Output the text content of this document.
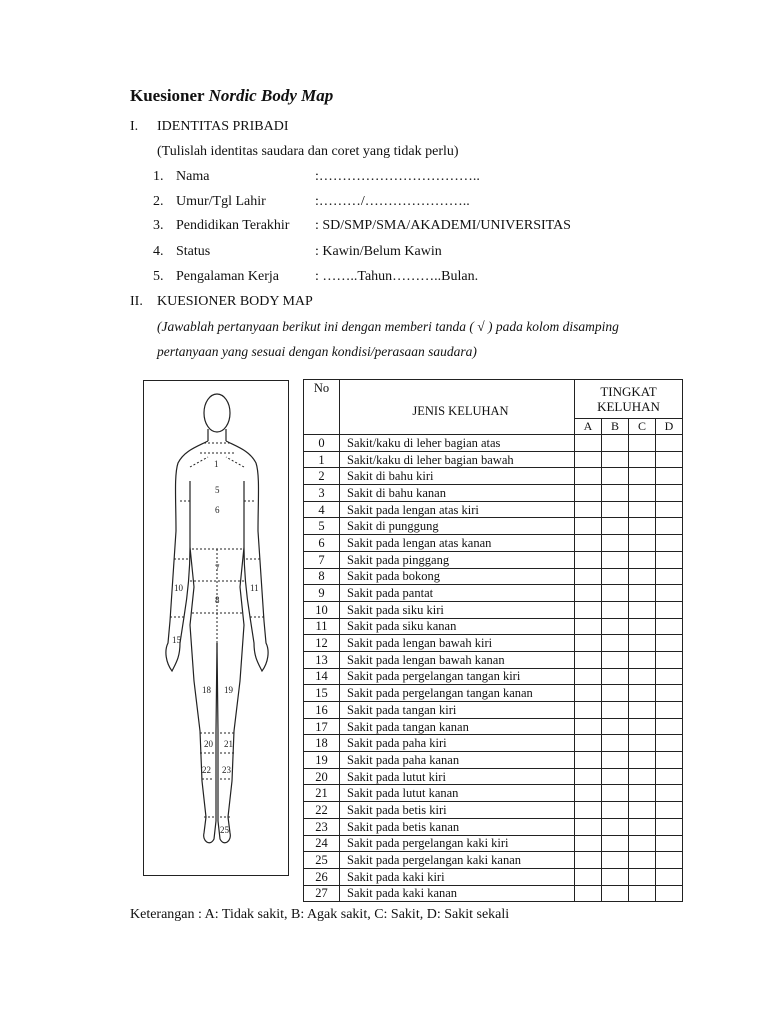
Kuesioner Nordic Body Map
I. IDENTITAS PRIBADI
(Tulislah identitas saudara dan coret yang tidak perlu)
1. Nama	:……………………………..
2. Umur/Tgl Lahir	:………/…………………..
3. Pendidikan Terakhir : SD/SMP/SMA/AKADEMI/UNIVERSITAS
4. Status	: Kawin/Belum Kawin
5. Pengalaman Kerja	: ……..Tahun………..Bulan.
II. KUESIONER BODY MAP
(Jawablah pertanyaan berikut ini dengan memberi tanda ( √ ) pada kolom disamping
pertanyaan yang sesuai dengan kondisi/perasaan saudara)
1
5
6
7
8
10	11
15
18 19
20 21
22 23
25
No	JENIS KELUHAN	TINGKAT
KELUHAN			
		A	B	C	D
0	Sakit/kaku di leher bagian atas				
1	Sakit/kaku di leher bagian bawah				
2	Sakit di bahu kiri				
3	Sakit di bahu kanan				
4	Sakit pada lengan atas kiri				
5	Sakit di punggung				
6	Sakit pada lengan atas kanan				
7	Sakit pada pinggang				
8	Sakit pada bokong				
9	Sakit pada pantat				
10	Sakit pada siku kiri				
11	Sakit pada siku kanan				
12	Sakit pada lengan bawah kiri				
13	Sakit pada lengan bawah kanan				
14	Sakit pada pergelangan tangan kiri				
15	Sakit pada pergelangan tangan kanan				
16	Sakit pada tangan kiri				
17	Sakit pada tangan kanan				
18	Sakit pada paha kiri				
19	Sakit pada paha kanan				
20	Sakit pada lutut kiri				
21	Sakit pada lutut kanan				
22	Sakit pada betis kiri				
23	Sakit pada betis kanan				
24	Sakit pada pergelangan kaki kiri				
25	Sakit pada pergelangan kaki kanan				
26	Sakit pada kaki kiri				
27	Sakit pada kaki kanan				
Keterangan : A: Tidak sakit, B: Agak sakit, C: Sakit, D: Sakit sekali
